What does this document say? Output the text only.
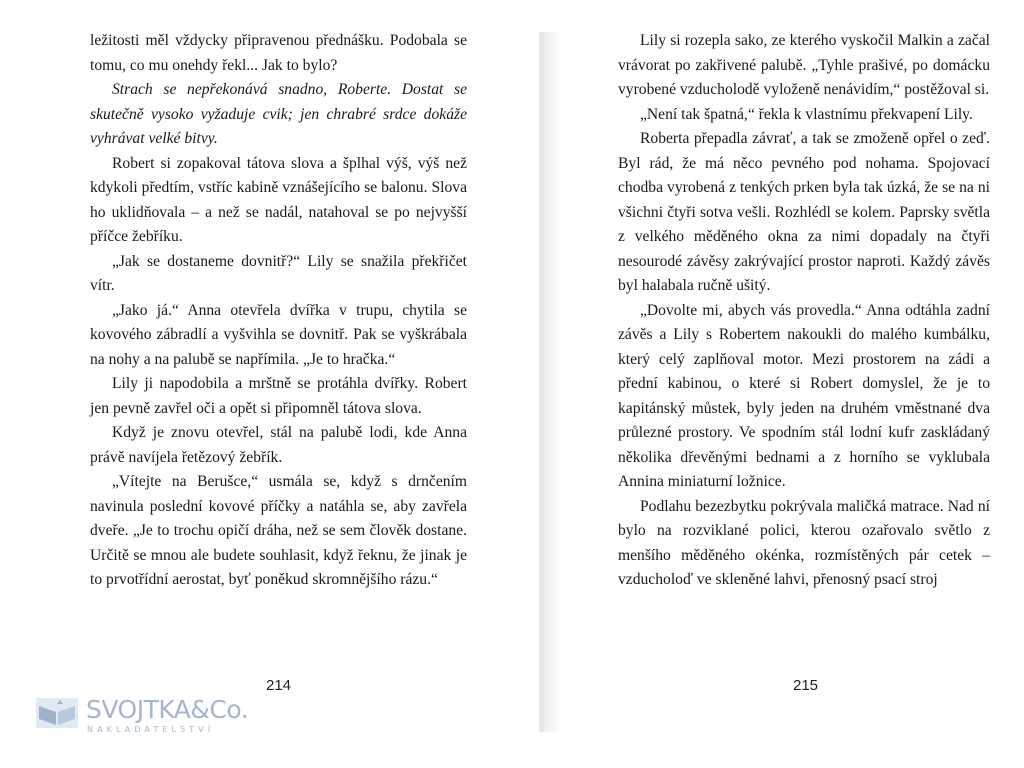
ležitosti měl vždycky připravenou přednášku. Podobala se tomu, co mu onehdy řekl... Jak to bylo?

Strach se nepřekonává snadno, Roberte. Dostat se skutečně vysoko vyžaduje cvik; jen chrabré srdce dokáže vyhrávat velké bitvy.

Robert si zopakoval tátova slova a šplhal výš, výš než kdykoli předtím, vstříc kabině vznášejícího se balonu. Slova ho uklidňovala – a než se nadál, natahoval se po nejvyšší příčce žebříku.

„Jak se dostaneme dovnitř?“ Lily se snažila překřičet vítr.

„Jako já.“ Anna otevřela dvířka v trupu, chytila se kovového zábradlí a vyšvihla se dovnitř. Pak se vyškrábala na nohy a na palubě se napřímila. „Je to hračka.“

Lily ji napodobila a mrštně se protáhla dvířky. Robert jen pevně zavřel oči a opět si připomněl tátova slova.

Když je znovu otevřel, stál na palubě lodi, kde Anna právě navíjela řetězový žebřík.

„Vítejte na Berušce,“ usmála se, když s drnčením navinula poslední kovové příčky a natáhla se, aby zavřela dveře. „Je to trochu opičí dráha, než se sem člověk dostane. Určitě se mnou ale budete souhlasit, když řeknu, že jinak je to prvotřídní aerostat, byť poněkud skromnějšího rázu.“

214

Lily si rozepla sako, ze kterého vyskočil Malkin a začal vrávorat po zakřivené palubě. „Tyhle prašivé, po domácku vyrobené vzducholodě vyloženě nenávidím,“ postěžoval si.

„Není tak špatná,“ řekla k vlastnímu překvapení Lily.

Roberta přepadla závrať, a tak se zmoženě opřel o zeď. Byl rád, že má něco pevného pod nohama. Spojovací chodba vyrobená z tenkých prken byla tak úzká, že se na ni všichni čtyři sotva vešli. Rozhlédl se kolem. Paprsky světla z velkého měděného okna za nimi dopadaly na čtyři nesourodé závěsy zakrývající prostor naproti. Každý závěs byl halabala ručně ušitý.

„Dovolte mi, abych vás provedla.“ Anna odtáhla zadní závěs a Lily s Robertem nakoukli do malého kumbálku, který celý zaplňoval motor. Mezi prostorem na zádi a přední kabinou, o které si Robert domyslel, že je to kapitánský můstek, byly jeden na druhém vměstnané dva průlezné prostory. Ve spodním stál lodní kufr zaskládaný několika dřevěnými bednami a z horního se vyklubala Annina miniaturní ložnice.

Podlahu bezezbytku pokrývala maličká matrace. Nad ní bylo na rozviklané polici, kterou ozařovalo světlo z menšího měděného okénka, rozmístěných pár cetek – vzducholoď ve skleněné lahvi, přenosný psací stroj

215
SVOJTKA&Co.
NAKLADATELSTVÍ
